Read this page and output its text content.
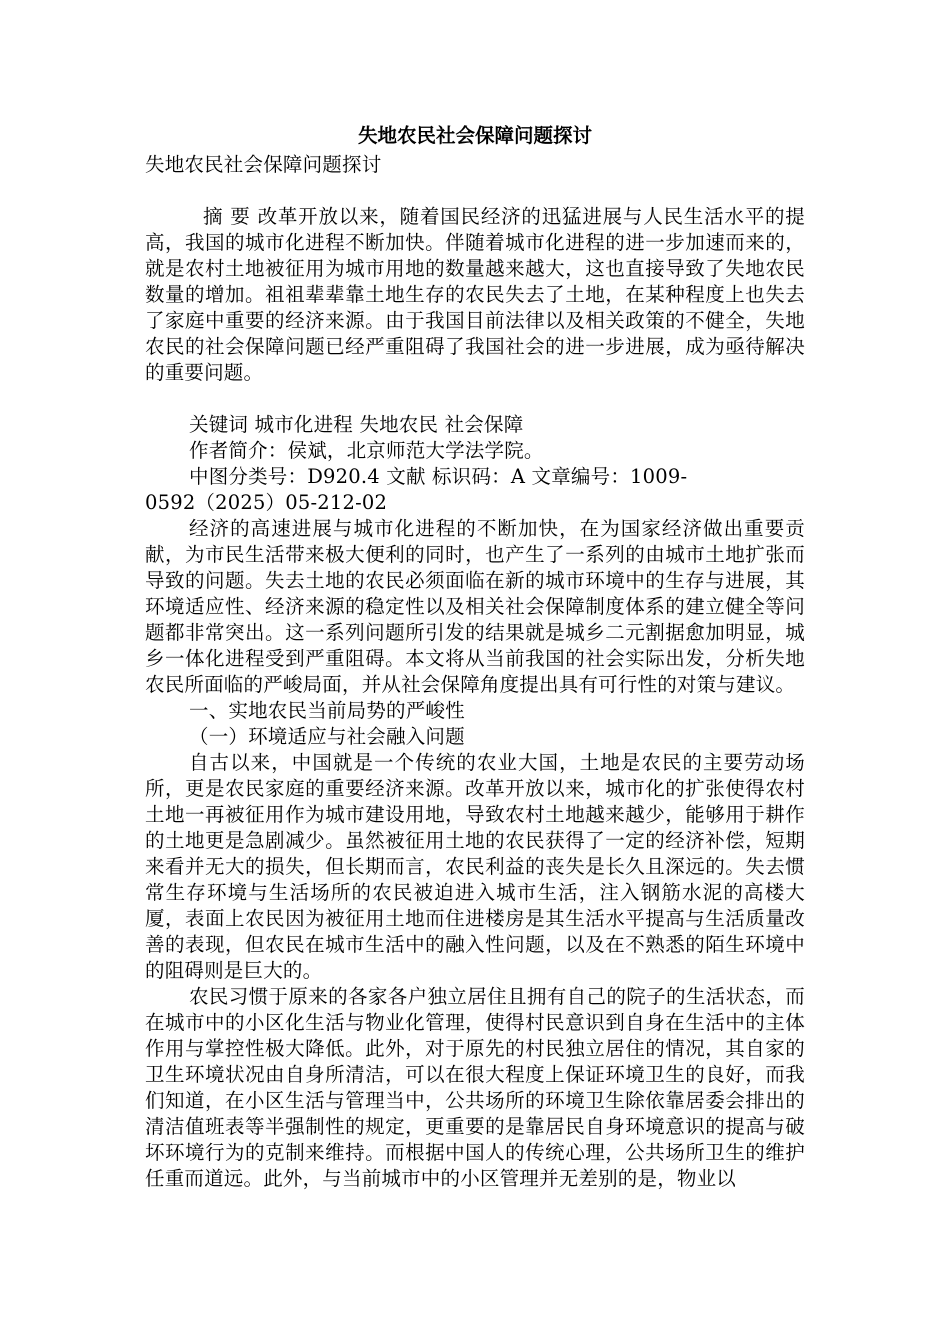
失地农民社会保障问题探讨

失地农民社会保障问题探讨

摘 要 改革开放以来，随着国民经济的迅猛进展与人民生活水平的提高，我国的城市化进程不断加快。伴随着城市化进程的进一步加速而来的，就是农村土地被征用为城市用地的数量越来越大，这也直接导致了失地农民数量的增加。祖祖辈辈靠土地生存的农民失去了土地，在某种程度上也失去了家庭中重要的经济来源。由于我国目前法律以及相关政策的不健全，失地农民的社会保障问题已经严重阻碍了我国社会的进一步进展，成为亟待解决的重要问题。

关键词 城市化进程 失地农民 社会保障

作者简介：侯斌，北京师范大学法学院。

中图分类号：D920.4 文献 标识码：A 文章编号：1009-

0592（2025）05-212-02

经济的高速进展与城市化进程的不断加快，在为国家经济做出重要贡献，为市民生活带来极大便利的同时，也产生了一系列的由城市土地扩张而导致的问题。失去土地的农民必须面临在新的城市环境中的生存与进展，其环境适应性、经济来源的稳定性以及相关社会保障制度体系的建立健全等问题都非常突出。这一系列问题所引发的结果就是城乡二元割据愈加明显，城乡一体化进程受到严重阻碍。本文将从当前我国的社会实际出发，分析失地农民所面临的严峻局面，并从社会保障角度提出具有可行性的对策与建议。

一、实地农民当前局势的严峻性

（一）环境适应与社会融入问题

自古以来，中国就是一个传统的农业大国，土地是农民的主要劳动场所，更是农民家庭的重要经济来源。改革开放以来，城市化的扩张使得农村土地一再被征用作为城市建设用地，导致农村土地越来越少，能够用于耕作的土地更是急剧减少。虽然被征用土地的农民获得了一定的经济补偿，短期来看并无大的损失，但长期而言，农民利益的丧失是长久且深远的。失去惯常生存环境与生活场所的农民被迫进入城市生活，注入钢筋水泥的高楼大厦，表面上农民因为被征用土地而住进楼房是其生活水平提高与生活质量改善的表现，但农民在城市生活中的融入性问题，以及在不熟悉的陌生环境中的阻碍则是巨大的。

农民习惯于原来的各家各户独立居住且拥有自己的院子的生活状态，而在城市中的小区化生活与物业化管理，使得村民意识到自身在生活中的主体作用与掌控性极大降低。此外，对于原先的村民独立居住的情况，其自家的卫生环境状况由自身所清洁，可以在很大程度上保证环境卫生的良好，而我们知道，在小区生活与管理当中，公共场所的环境卫生除依靠居委会排出的清洁值班表等半强制性的规定，更重要的是靠居民自身环境意识的提高与破坏环境行为的克制来维持。而根据中国人的传统心理，公共场所卫生的维护任重而道远。此外，与当前城市中的小区管理并无差别的是，物业以
